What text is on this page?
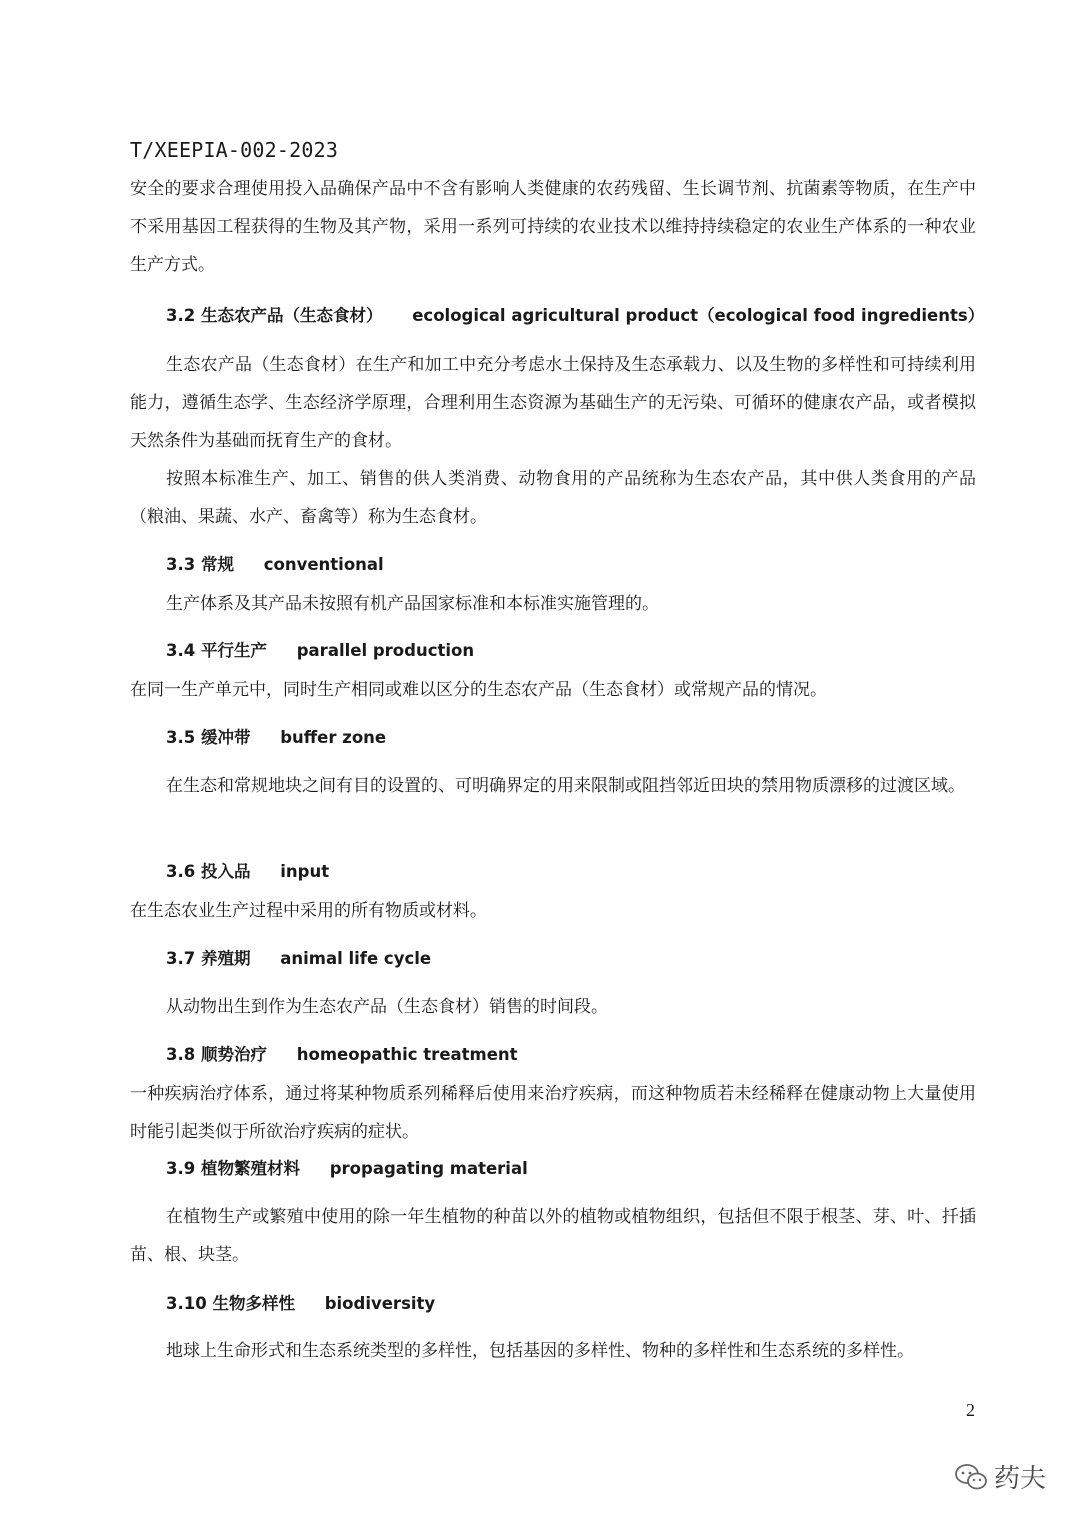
T/XEEPIA-002-2023

安全的要求合理使用投入品确保产品中不含有影响人类健康的农药残留、生长调节剂、抗菌素等物质，在生产中不采用基因工程获得的生物及其产物，采用一系列可持续的农业技术以维持持续稳定的农业生产体系的一种农业生产方式。

3.2 生态农产品（生态食材） ecological agricultural product（ecological food ingredients）

生态农产品（生态食材）在生产和加工中充分考虑水土保持及生态承载力、以及生物的多样性和可持续利用能力，遵循生态学、生态经济学原理，合理利用生态资源为基础生产的无污染、可循环的健康农产品，或者模拟天然条件为基础而抚育生产的食材。

按照本标准生产、加工、销售的供人类消费、动物食用的产品统称为生态农产品，其中供人类食用的产品（粮油、果蔬、水产、畜禽等）称为生态食材。

3.3 常规 conventional

生产体系及其产品未按照有机产品国家标准和本标准实施管理的。

3.4 平行生产 parallel production

在同一生产单元中，同时生产相同或难以区分的生态农产品（生态食材）或常规产品的情况。

3.5 缓冲带 buffer zone

在生态和常规地块之间有目的设置的、可明确界定的用来限制或阻挡邻近田块的禁用物质漂移的过渡区域。

3.6 投入品 input

在生态农业生产过程中采用的所有物质或材料。

3.7 养殖期 animal life cycle

从动物出生到作为生态农产品（生态食材）销售的时间段。

3.8 顺势治疗 homeopathic treatment

一种疾病治疗体系，通过将某种物质系列稀释后使用来治疗疾病，而这种物质若未经稀释在健康动物上大量使用时能引起类似于所欲治疗疾病的症状。

3.9 植物繁殖材料 propagating material

在植物生产或繁殖中使用的除一年生植物的种苗以外的植物或植物组织，包括但不限于根茎、芽、叶、扦插苗、根、块茎。

3.10 生物多样性 biodiversity

地球上生命形式和生态系统类型的多样性，包括基因的多样性、物种的多样性和生态系统的多样性。

2
药夫
